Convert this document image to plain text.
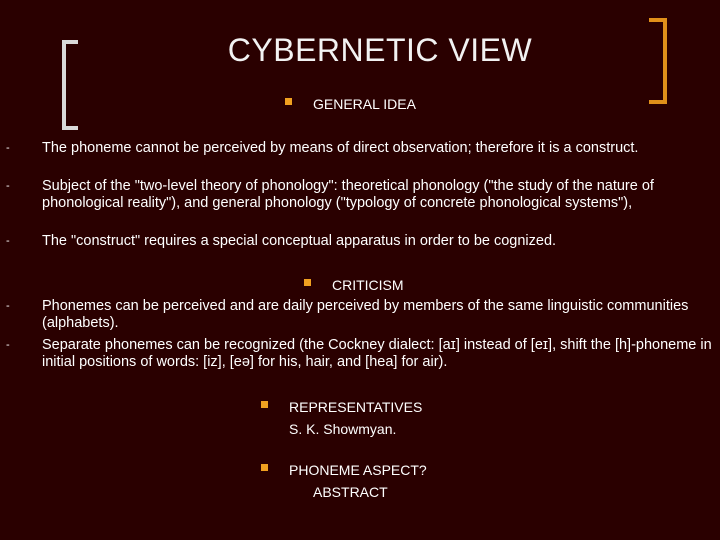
CYBERNETIC VIEW
GENERAL IDEA
- The phoneme cannot be perceived by means of direct observation; therefore it is a construct.
- Subject of the "two-level theory of phonology": theoretical phonology ("the study of the nature of phonological reality"), and general phonology ("typology of concrete phonological systems"),
- The "construct" requires a special conceptual apparatus in order to be cognized.
CRITICISM
- Phonemes can be perceived and are daily perceived by members of the same linguistic communities (alphabets).
- Separate phonemes can be recognized (the Cockney dialect: [aɪ] instead of [eɪ], shift the [h]-phoneme in initial positions of words: [iz], [eə] for his, hair, and [hea] for air).
REPRESENTATIVES
S. K. Showmyan.
PHONEME ASPECT?
ABSTRACT
